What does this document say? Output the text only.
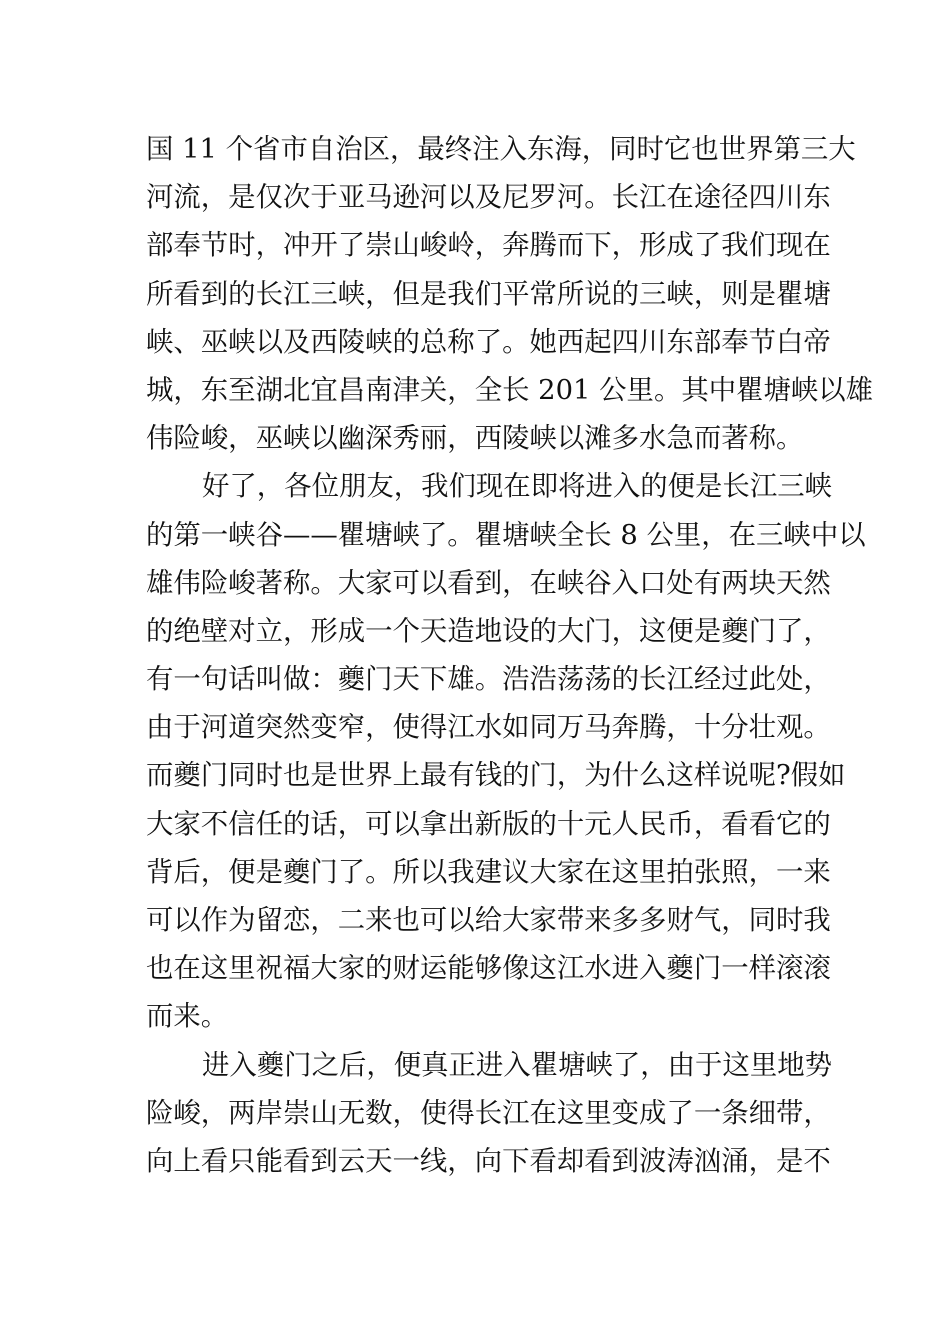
国 11 个省市自治区，最终注入东海，同时它也世界第三大
河流，是仅次于亚马逊河以及尼罗河。长江在途径四川东
部奉节时，冲开了崇山峻岭，奔腾而下，形成了我们现在
所看到的长江三峡，但是我们平常所说的三峡，则是瞿塘
峡、巫峡以及西陵峡的总称了。她西起四川东部奉节白帝
城，东至湖北宜昌南津关，全长 201 公里。其中瞿塘峡以雄
伟险峻，巫峡以幽深秀丽，西陵峡以滩多水急而著称。
好了，各位朋友，我们现在即将进入的便是长江三峡
的第一峡谷——瞿塘峡了。瞿塘峡全长 8 公里，在三峡中以
雄伟险峻著称。大家可以看到，在峡谷入口处有两块天然
的绝壁对立，形成一个天造地设的大门，这便是夔门了，
有一句话叫做：夔门天下雄。浩浩荡荡的长江经过此处，
由于河道突然变窄，使得江水如同万马奔腾，十分壮观。
而夔门同时也是世界上最有钱的门，为什么这样说呢?假如
大家不信任的话，可以拿出新版的十元人民币，看看它的
背后，便是夔门了。所以我建议大家在这里拍张照，一来
可以作为留恋，二来也可以给大家带来多多财气，同时我
也在这里祝福大家的财运能够像这江水进入夔门一样滚滚
而来。
进入夔门之后，便真正进入瞿塘峡了，由于这里地势
险峻，两岸崇山无数，使得长江在这里变成了一条细带，
向上看只能看到云天一线，向下看却看到波涛汹涌，是不
